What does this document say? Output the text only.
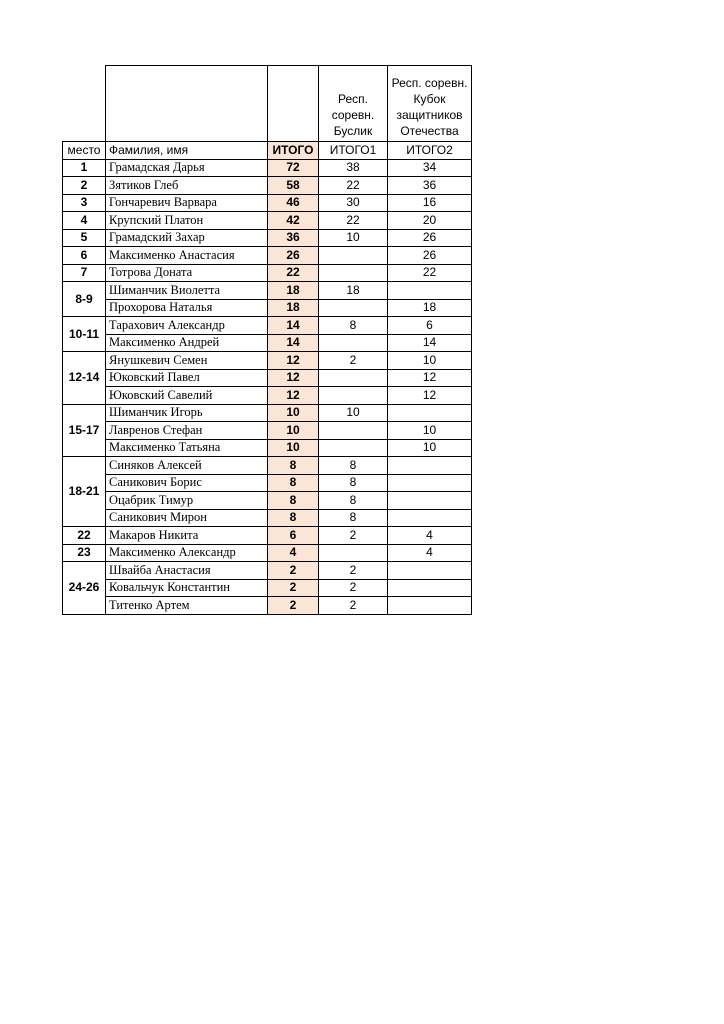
			Респ. соревн. Буслик	Респ. соревн. Кубок защитников Отечества
место	Фамилия, имя	ИТОГО	ИТОГО1	ИТОГО2
1	Грамадская Дарья	72	38	34
2	Зятиков Глеб	58	22	36
3	Гончаревич Варвара	46	30	16
4	Крупский Платон	42	22	20
5	Грамадский Захар	36	10	26
6	Максименко Анастасия	26		26
7	Тотрова Доната	22		22
8-9	Шиманчик Виолетта	18	18	
	Прохорова Наталья	18		18
10-11	Тарахович Александр	14	8	6
	Максименко Андрей	14		14
12-14	Янушкевич Семен	12	2	10
	Юковский Павел	12		12
	Юковский Савелий	12		12
15-17	Шиманчик Игорь	10	10	
	Лавренов Стефан	10		10
	Максименко Татьяна	10		10
18-21	Синяков Алексей	8	8	
	Саникович Борис	8	8	
	Оцабрик Тимур	8	8	
	Саникович Мирон	8	8	
22	Макаров Никита	6	2	4
23	Максименко Александр	4		4
24-26	Швайба Анастасия	2	2	
	Ковальчук Константин	2	2	
	Титенко Артем	2	2	
